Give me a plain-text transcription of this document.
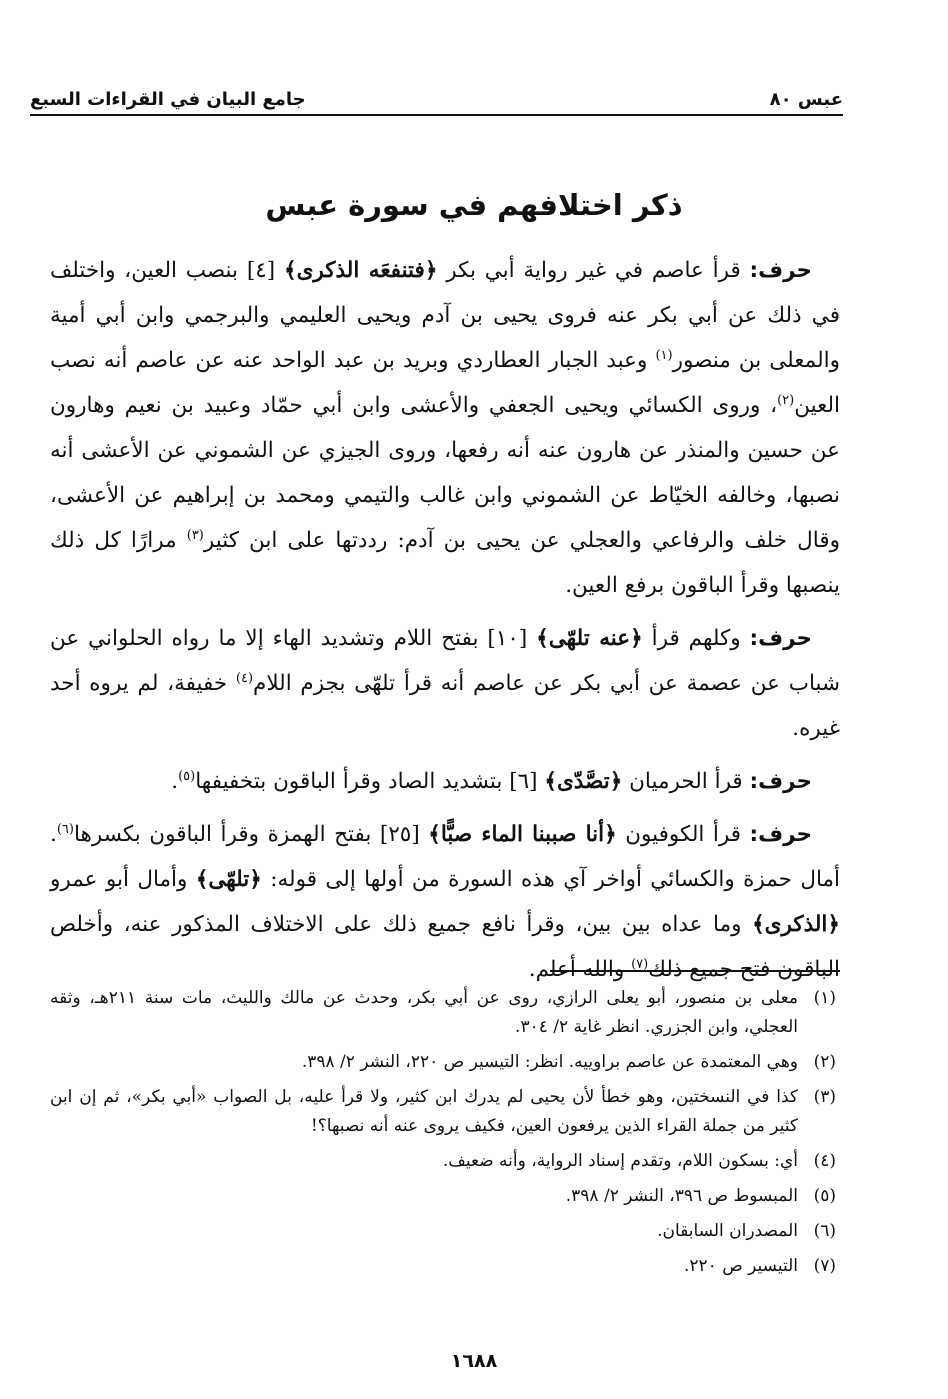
عبس ٨٠
جامع البيان في القراءات السبع
ذكر اختلافهم في سورة عبس

حرف: قرأ عاصم في غير رواية أبي بكر ﴿فتنفعَه الذكرى﴾ [٤] بنصب العين، واختلف في ذلك عن أبي بكر عنه فروى يحيى بن آدم ويحيى العليمي والبرجمي وابن أبي أمية والمعلى بن منصور$^{(١)}$ وعبد الجبار العطاردي وبريد بن عبد الواحد عنه عن عاصم أنه نصب العين$^{(٢)}$، وروى الكسائي ويحيى الجعفي والأعشى وابن أبي حمّاد وعبيد بن نعيم وهارون عن حسين والمنذر عن هارون عنه أنه رفعها، وروى الجيزي عن الشموني عن الأعشى أنه نصبها، وخالفه الخيّاط عن الشموني وابن غالب والتيمي ومحمد بن إبراهيم عن الأعشى، وقال خلف والرفاعي والعجلي عن يحيى بن آدم: رددتها على ابن كثير$^{(٣)}$ مرارًا كل ذلك ينصبها وقرأ الباقون برفع العين.

حرف: وكلهم قرأ ﴿عنه تلهّى﴾ [١٠] بفتح اللام وتشديد الهاء إلا ما رواه الحلواني عن شباب عن عصمة عن أبي بكر عن عاصم أنه قرأ تلهّى بجزم اللام$^{(٤)}$ خفيفة، لم يروه أحد غيره.

حرف: قرأ الحرميان ﴿تصَّدّى﴾ [٦] بتشديد الصاد وقرأ الباقون بتخفيفها$^{(٥)}$.

حرف: قرأ الكوفيون ﴿أنا صببنا الماء صبًّا﴾ [٢٥] بفتح الهمزة وقرأ الباقون بكسرها$^{(٦)}$. أمال حمزة والكسائي أواخر آي هذه السورة من أولها إلى قوله: ﴿تلهّى﴾ وأمال أبو عمرو ﴿الذكرى﴾ وما عداه بين بين، وقرأ نافع جميع ذلك على الاختلاف المذكور عنه، وأخلص الباقون فتح جميع ذلك$^{(٧)}$ والله أعلم.

(١)
معلى بن منصور، أبو يعلى الرازي، روى عن أبي بكر، وحدث عن مالك والليث، مات سنة ٢١١هـ، وثقه العجلي، وابن الجزري. انظر غاية ٢/ ٣٠٤.
(٢)
وهي المعتمدة عن عاصم براوييه. انظر: التيسير ص ٢٢٠، النشر ٢/ ٣٩٨.
(٣)
كذا في النسختين، وهو خطأ لأن يحيى لم يدرك ابن كثير، ولا قرأ عليه، بل الصواب «أبي بكر»، ثم إن ابن كثير من جملة القراء الذين يرفعون العين، فكيف يروى عنه أنه نصبها؟!
(٤)
أي: بسكون اللام، وتقدم إسناد الرواية، وأنه ضعيف.
(٥)
المبسوط ص ٣٩٦، النشر ٢/ ٣٩٨.
(٦)
المصدران السابقان.
(٧)
التيسير ص ٢٢٠.
١٦٨٨
